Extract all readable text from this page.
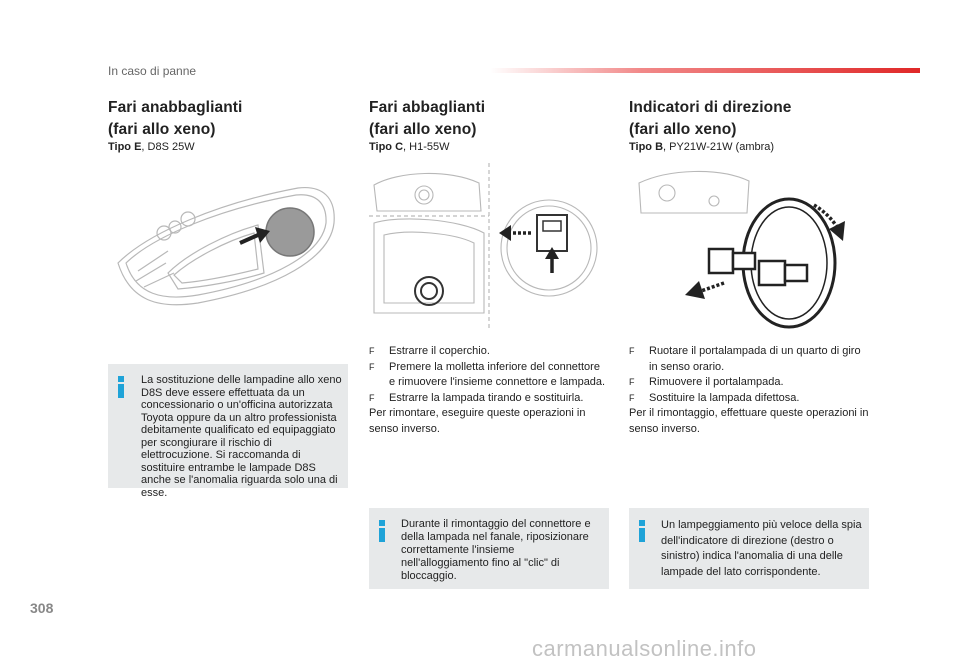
In caso di panne
Fari anabbaglianti
(fari allo xeno)
Tipo E, D8S 25W
Fari abbaglianti
(fari allo xeno)
Tipo C, H1-55W
Indicatori di direzione
(fari allo xeno)
Tipo B, PY21W-21W (ambra)
F Estrarre il coperchio.
F Premere la molletta inferiore del connettore e rimuovere l'insieme connettore e lampada.
F Estrarre la lampada tirando e sostituirla.
Per rimontare, eseguire queste operazioni in senso inverso.
F Ruotare il portalampada di un quarto di giro in senso orario.
F Rimuovere il portalampada.
F Sostituire la lampada difettosa.
Per il rimontaggio, effettuare queste operazioni in senso inverso.
La sostituzione delle lampadine allo xeno D8S deve essere effettuata da un concessionario o un'officina autorizzata Toyota oppure da un altro professionista debitamente qualificato ed equipaggiato per scongiurare il rischio di elettrocuzione. Si raccomanda di sostituire entrambe le lampade D8S anche se l'anomalia riguarda solo una di esse.
Durante il rimontaggio del connettore e della lampada nel fanale, riposizionare correttamente l'insieme nell'alloggiamento fino al "clic" di bloccaggio.
Un lampeggiamento più veloce della spia dell'indicatore di direzione (destro o sinistro) indica l'anomalia di una delle lampade del lato corrispondente.
308
carmanualsonline.info
